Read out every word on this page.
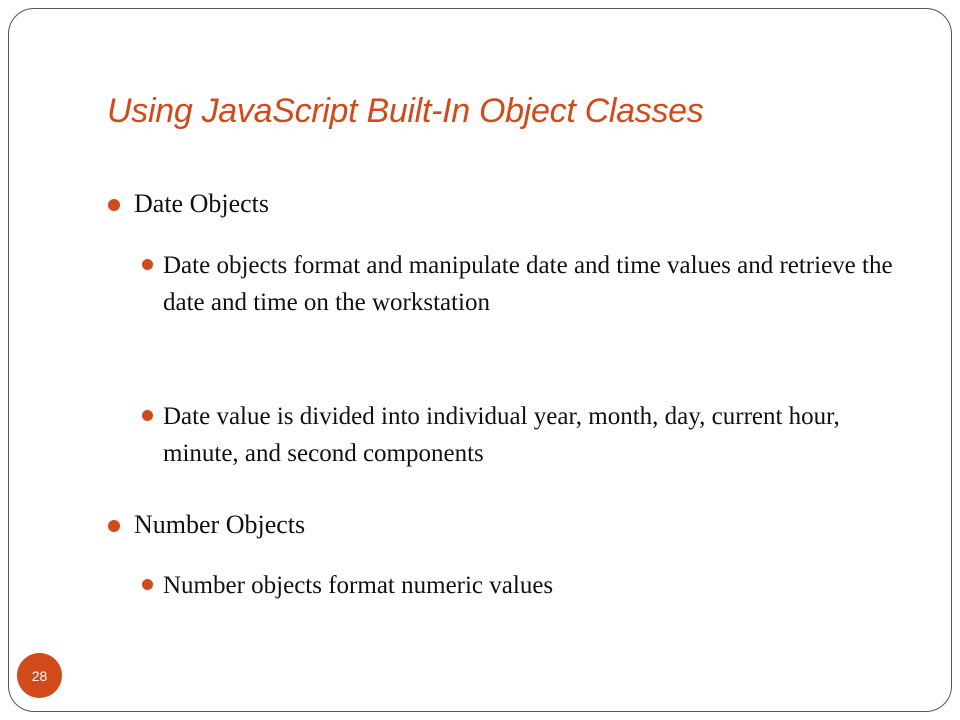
Using JavaScript Built-In Object Classes
Date Objects
Date objects format and manipulate date and time values and retrieve the date and time on the workstation
Date value is divided into individual year, month, day, current hour, minute, and second components
Number Objects
Number objects format numeric values
28
